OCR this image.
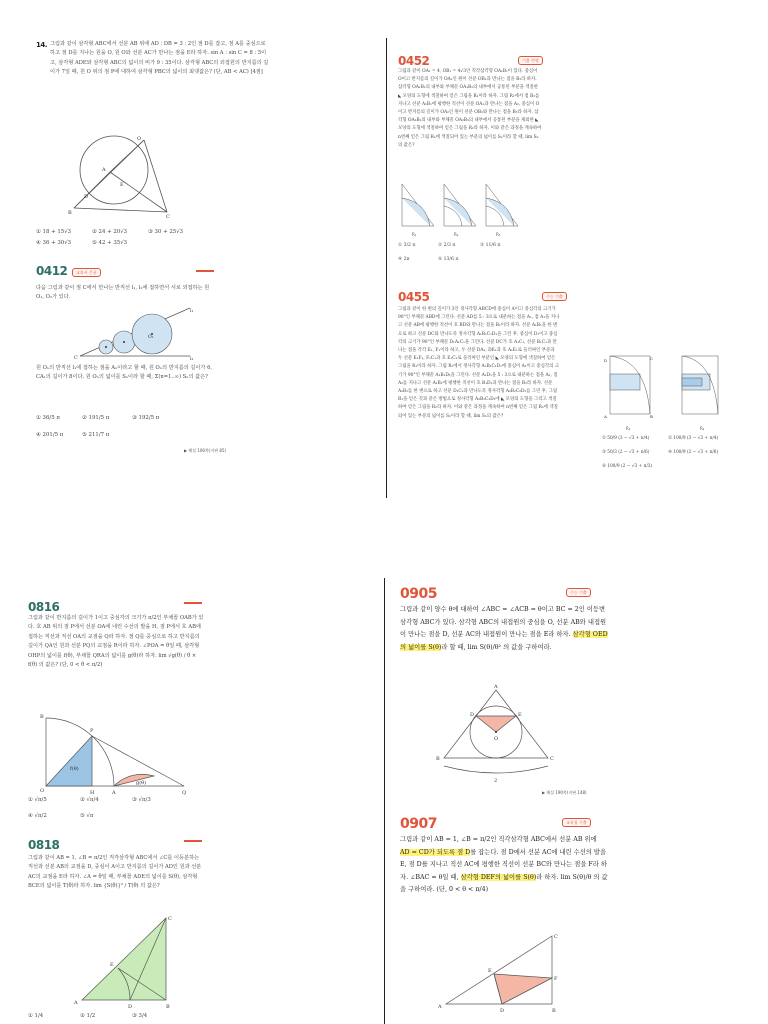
14. 그림과 같이 삼각형 ABC에서 선분 AB 위에 AD : DB = 3 : 2인 점 D를 잡고, 점 A를 중심으로 하고 점 D를 지나는 원을 O, 원 O와 선분 AC가 만나는 점을 E라 하자. sin A : sin C = 8 : 5이고, 삼각형 ADE와 삼각형 ABC의 넓이의 비가 9 : 35이다. 삼각형 ABC의 외접원의 반지름의 길이가 7일 때, 원 O 위의 점 P에 대하여 삼각형 PBC의 넓이의 최댓값은? (단, AB < AC) [4점]
O
A
B
C
D
E
① 18 + 15√3	② 24 + 20√3	③ 30 + 25√3
④ 36 + 30√3	⑤ 42 + 35√3
0412	교과서 응용
다음 그림과 같이 점 C에서 만나는 반직선 l₁, l₂에 접하면서 서로 외접하는 원 O₁, O₂가 있다.
C
O₁
l₁
l₂
원 Oₙ의 반직선 l₁에 접하는 점을 Aₙ이라고 할 때, 원 Oₙ의 반지름의 길이가 6, CA₁의 길이가 8이다. 원 Oₙ의 넓이를 Sₙ이라 할 때, Σ(n=1..∞) Sₙ의 값은?
① 36/5 π	② 191/5 π	③ 192/5 π
④ 201/5 π	⑤ 211/7 π
▶ 해설 106쪽(지판 85)
0452	기출 변형
그림과 같이 OA₁ = 4, OB₁ = 4√3인 직각삼각형 OA₁B₁이 있다. 중심이 O이고 반지름의 길이가 OA₁인 원이 선분 OB₁과 만나는 점을 B₂라 하자. 삼각형 OA₁B₁의 내부와 부채꼴 OA₁B₂의 내부에서 공통된 부분을 색칠한 ◣ 모양의 도형에 색칠하여 얻은 그림을 R₁이라 하자. 그림 R₁에서 점 B₂를 지나고 선분 A₁B₁에 평행한 직선이 선분 OA₁과 만나는 점을 A₂, 중심이 O이고 반지름의 길이가 OA₂인 원이 선분 OB₂와 만나는 점을 B₃라 하자. 삼각형 OA₂B₂의 내부와 부채꼴 OA₂B₃의 내부에서 공통된 부분을 제외한 ◣ 모양의 도형에 색칠하여 얻은 그림을 R₂라 하자. 이와 같은 과정을 계속하여 n번째 얻은 그림 Rₙ에 색칠되어 있는 부분의 넓이를 Sₙ이라 할 때, lim Sₙ의 값은?
R₁	R₂	R₃
① 3/2 π	② 2/3 π	③ 11/6 π
④ 2π	⑤ 13/6 π
0455	수능 기출
그림과 같이 한 변의 길이가 3인 정사각형 ABCD에 중심이 A이고 중심각의 크기가 90°인 부채꼴 ABD에 그린다. 선분 AD를 5 : 3으로 내분하는 점을 A₁, 점 A₁을 지나고 선분 AB에 평행한 직선이 호 BD와 만나는 점을 B₁이라 하자. 선분 A₁B₁을 한 변으로 하고 선분 DC와 만나도록 정사각형 A₁B₁C₁D₁을 그린 후, 중심이 D₁이고 중심각의 크기가 90°인 부채꼴 D₁A₁C₁을 그린다. 선분 DC가 호 A₁C₁, 선분 B₁C₁과 만나는 점을 각각 E₁, F₁이라 하고, 두 선분 DA₁, DE₁과 호 A₁E₁로 둘러싸인 부분과 두 선분 E₁F₁, F₁C₁과 호 E₁C₁로 둘러싸인 부분인 ◣ 모양의 도형에 색칠하여 얻은 그림을 R₁이라 하자. 그림 R₁에서 정사각형 A₁B₁C₁D₁에 중심이 A₁이고 중심각의 크기가 90°인 부채꼴 A₁B₁D₁을 그린다. 선분 A₁D₁을 5 : 3으로 내분하는 점을 A₂, 점 A₂를 지나고 선분 A₁B₁에 평행한 직선이 호 B₁D₁과 만나는 점을 B₂라 하자. 선분 A₂B₂를 한 변으로 하고 선분 D₁C₁과 만나도록 정사각형 A₂B₂C₂D₂를 그린 후, 그림 R₁을 얻은 것과 같은 방법으로 정사각형 A₂B₂C₂D₂에 ◣ 모양의 도형을 그리고 색칠하여 얻은 그림을 R₂라 하자. 이와 같은 과정을 계속하여 n번째 얻은 그림 Rₙ에 색칠되어 있는 부분의 넓이를 Sₙ이라 할 때, lim Sₙ의 값은?
D
A	B
C
R₁	R₂
① 50/9 (3 − √3 + π/4)	② 100/9 (3 − √3 + π/4)
③ 50/3 (2 − √3 + π/6)	④ 100/9 (2 − √3 + π/6)
⑤ 100/9 (2 − √3 + π/3)
0816
그림과 같이 반지름의 길이가 1이고 중심각의 크기가 π/2인 부채꼴 OAB가 있다. 호 AB 위의 점 P에서 선분 OA에 내린 수선의 발을 H, 점 P에서 호 AB에 접하는 직선과 직선 OA의 교점을 Q라 하자. 점 Q를 중심으로 하고 반지름의 길이가 QA인 원과 선분 PQ의 교점을 R이라 하자. ∠POA = θ일 때, 삼각형 OHP의 넓이를 f(θ), 부채꼴 QRA의 넓이를 g(θ)라 하자. lim √g(θ) / θ × f(θ) 의 값은? (단, 0 < θ < π/2)
O	H	A	Q
B
P
f(θ)
g(θ)
① √π/5	② √π/4	③ √π/3
④ √π/2	⑤ √π
0818
그림과 같이 AB = 1, ∠B = π/2인 직각삼각형 ABC에서 ∠C를 이등분하는 직선과 선분 AB의 교점을 D, 중심이 A이고 반지름의 길이가 AD인 원과 선분 AC의 교점을 E라 하자. ∠A = θ일 때, 부채꼴 ADE의 넓이를 S(θ), 삼각형 BCE의 넓이를 T(θ)라 하자. lim {S(θ)}² / T(θ) 의 값은?
A
D	B
C
E
① 1/4	② 1/2	③ 3/4
0905	수능 기출
그림과 같이 양수 θ에 대하여 ∠ABC = ∠ACB = θ이고 BC = 2인 이등변삼각형 ABC가 있다. 삼각형 ABC의 내접원의 중심을 O, 선분 AB와 내접원이 만나는 점을 D, 선분 AC와 내접원이 만나는 점을 E라 하자. 삼각형 OED의 넓이를 S(θ)라 할 때, lim S(θ)/θ² 의 값을 구하여라.
A
B	C
D	E
O
2
▶ 해설 190쪽(지판 148)
0907	교육청 기출
그림과 같이 AB = 1, ∠B = π/2인 직각삼각형 ABC에서 선분 AB 위에 AD = CD가 되도록 점 D를 잡는다. 점 D에서 선분 AC에 내린 수선의 발을 E, 점 D를 지나고 직선 AC에 평행한 직선이 선분 BC와 만나는 점을 F라 하자. ∠BAC = θ일 때, 삼각형 DEF의 넓이를 S(θ)라 하자. lim S(θ)/θ 의 값을 구하여라. (단, 0 < θ < π/4)
A
D	B
C
E
F
